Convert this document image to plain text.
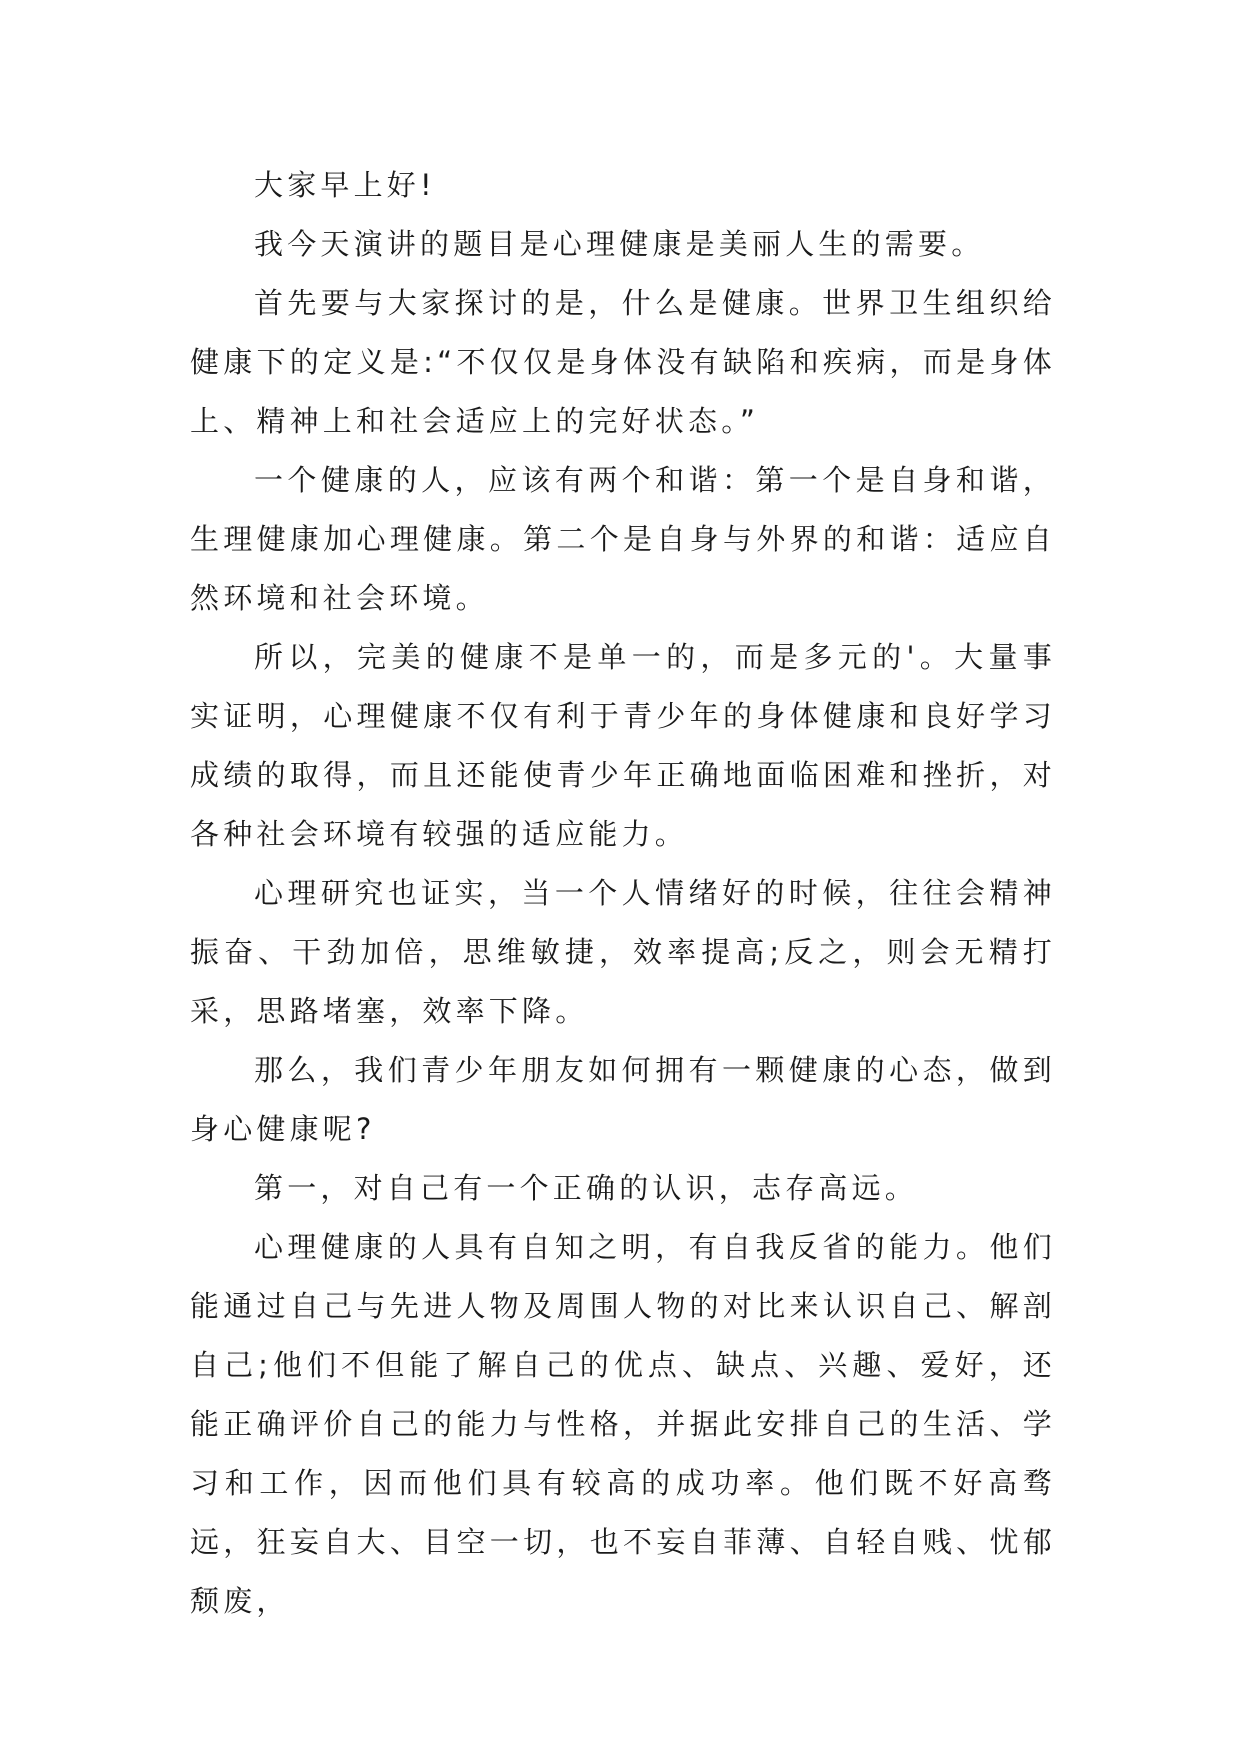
大家早上好!

我今天演讲的题目是心理健康是美丽人生的需要。

首先要与大家探讨的是，什么是健康。世界卫生组织给健康下的定义是:“不仅仅是身体没有缺陷和疾病，而是身体上、精神上和社会适应上的完好状态。”

一个健康的人，应该有两个和谐：第一个是自身和谐，生理健康加心理健康。第二个是自身与外界的和谐：适应自然环境和社会环境。

所以，完美的健康不是单一的，而是多元的'。大量事实证明，心理健康不仅有利于青少年的身体健康和良好学习成绩的取得，而且还能使青少年正确地面临困难和挫折，对各种社会环境有较强的适应能力。

心理研究也证实，当一个人情绪好的时候，往往会精神振奋、干劲加倍，思维敏捷，效率提高;反之，则会无精打采，思路堵塞，效率下降。

那么，我们青少年朋友如何拥有一颗健康的心态，做到身心健康呢?

第一，对自己有一个正确的认识，志存高远。

心理健康的人具有自知之明，有自我反省的能力。他们能通过自己与先进人物及周围人物的对比来认识自己、解剖自己;他们不但能了解自己的优点、缺点、兴趣、爱好，还能正确评价自己的能力与性格，并据此安排自己的生活、学习和工作，因而他们具有较高的成功率。他们既不好高骛远，狂妄自大、目空一切，也不妄自菲薄、自轻自贱、忧郁颓废，
